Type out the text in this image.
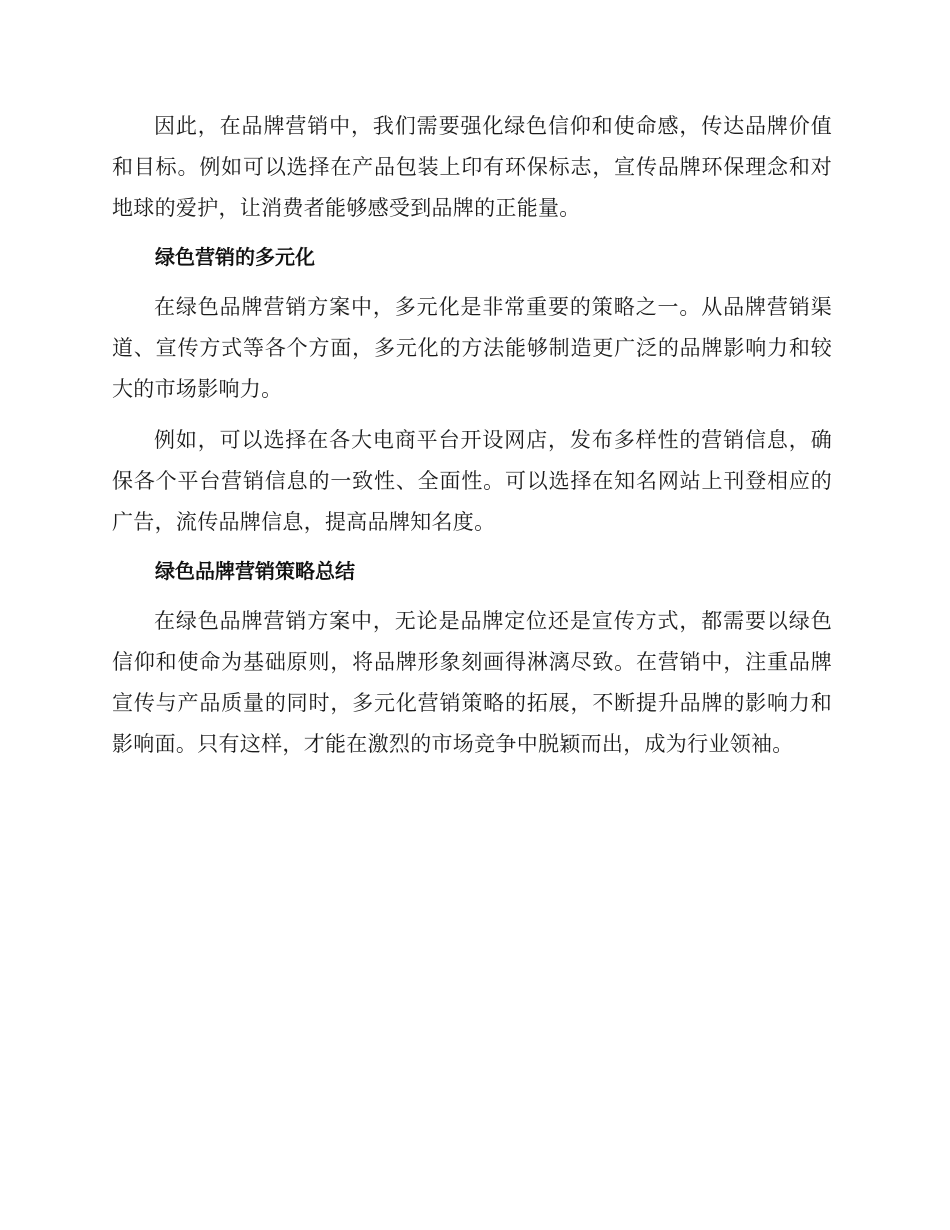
因此，在品牌营销中，我们需要强化绿色信仰和使命感，传达品牌价值和目标。例如可以选择在产品包装上印有环保标志，宣传品牌环保理念和对地球的爱护，让消费者能够感受到品牌的正能量。

绿色营销的多元化

在绿色品牌营销方案中，多元化是非常重要的策略之一。从品牌营销渠道、宣传方式等各个方面，多元化的方法能够制造更广泛的品牌影响力和较大的市场影响力。

例如，可以选择在各大电商平台开设网店，发布多样性的营销信息，确保各个平台营销信息的一致性、全面性。可以选择在知名网站上刊登相应的广告，流传品牌信息，提高品牌知名度。

绿色品牌营销策略总结

在绿色品牌营销方案中，无论是品牌定位还是宣传方式，都需要以绿色信仰和使命为基础原则，将品牌形象刻画得淋漓尽致。在营销中，注重品牌宣传与产品质量的同时，多元化营销策略的拓展，不断提升品牌的影响力和影响面。只有这样，才能在激烈的市场竞争中脱颖而出，成为行业领袖。
